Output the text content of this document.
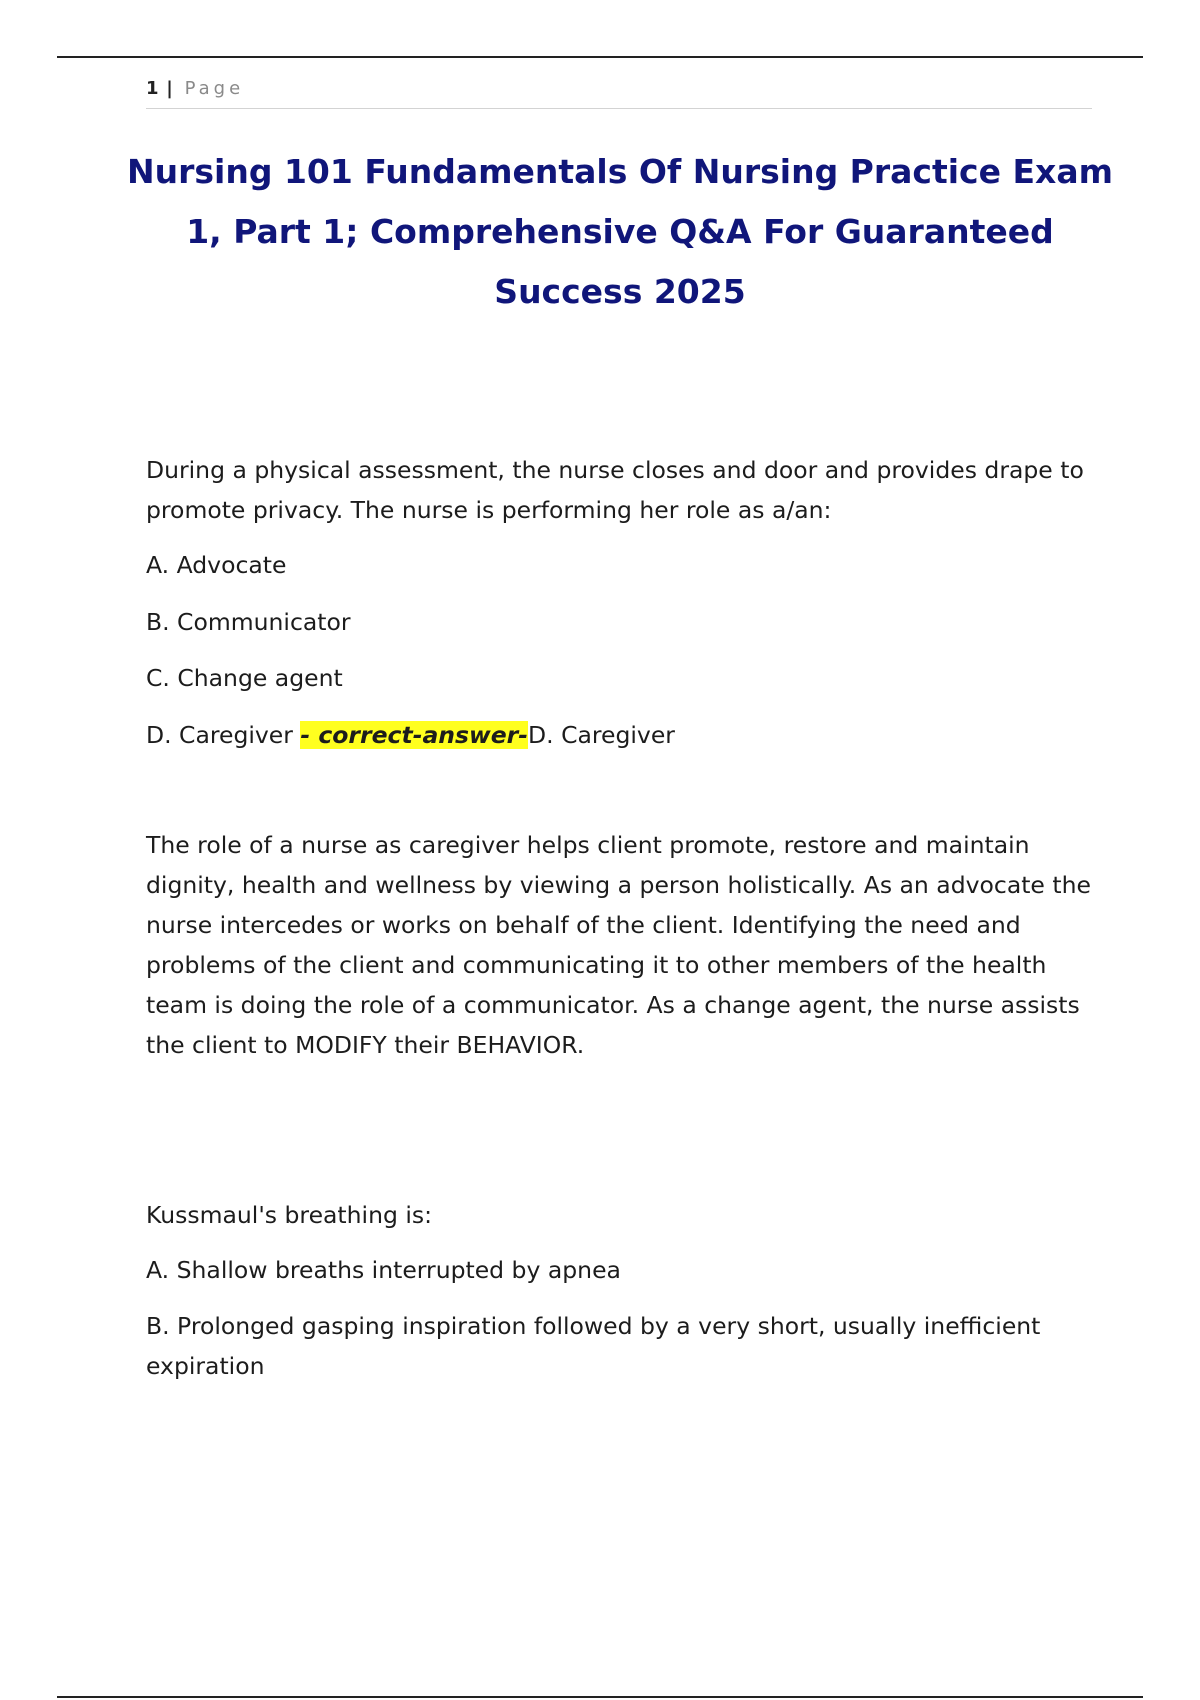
1 | Page
Nursing 101 Fundamentals Of Nursing Practice Exam 1, Part 1; Comprehensive Q&A For Guaranteed Success 2025

During a physical assessment, the nurse closes and door and provides drape to promote privacy. The nurse is performing her role as a/an:

A. Advocate

B. Communicator

C. Change agent

D. Caregiver - correct-answer-D. Caregiver

The role of a nurse as caregiver helps client promote, restore and maintain dignity, health and wellness by viewing a person holistically. As an advocate the nurse intercedes or works on behalf of the client. Identifying the need and problems of the client and communicating it to other members of the health team is doing the role of a communicator. As a change agent, the nurse assists the client to MODIFY their BEHAVIOR.

Kussmaul's breathing is:

A. Shallow breaths interrupted by apnea

B. Prolonged gasping inspiration followed by a very short, usually inefficient expiration
